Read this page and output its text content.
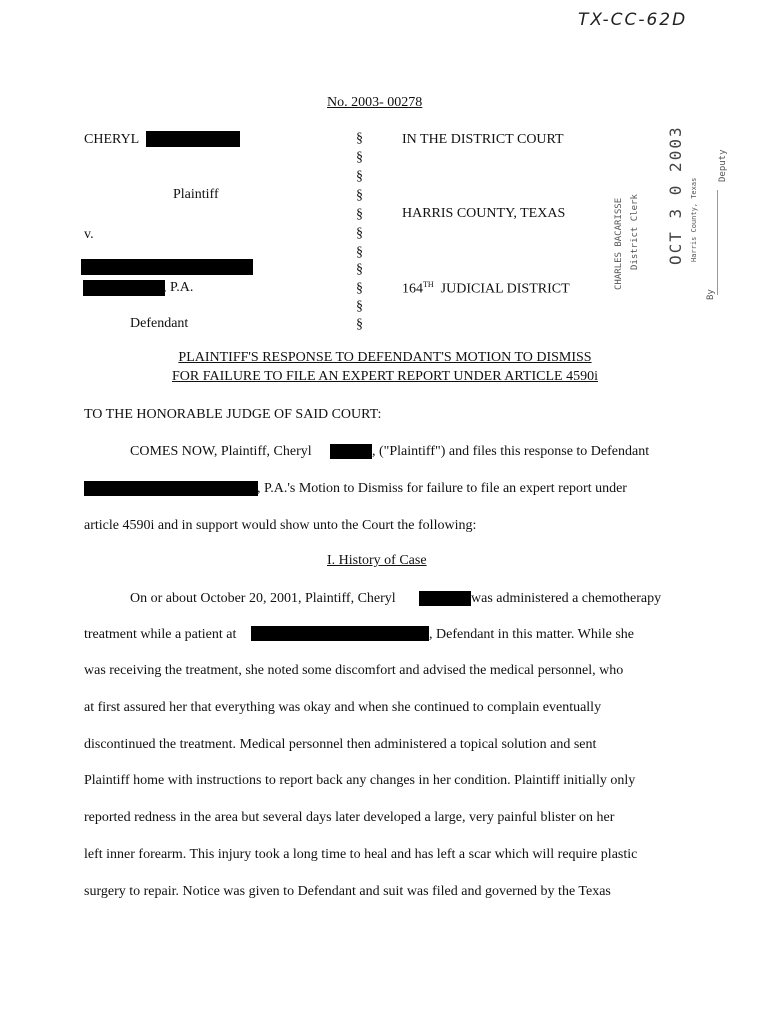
TX-CC-62D
No. 2003- 00278
CHERYL
Plaintiff
v.
, P.A.
Defendant
§
§
§
§
§
§
§
§
§
§
§
IN THE DISTRICT COURT
HARRIS COUNTY, TEXAS
164TH JUDICIAL DISTRICT	CHARLES BACARISSE District Clerk OCT 3 0 2003 Harris County, Texas
By
Deputy
PLAINTIFF'S RESPONSE TO DEFENDANT'S MOTION TO DISMISS
FOR FAILURE TO FILE AN EXPERT REPORT UNDER ARTICLE 4590i
TO THE HONORABLE JUDGE OF SAID COURT:
COMES NOW, Plaintiff, Cheryl	, ("Plaintiff") and files this response to Defendant
, P.A.'s Motion to Dismiss for failure to file an expert report under
article 4590i and in support would show unto the Court the following:
I. History of Case
On or about October 20, 2001, Plaintiff, Cheryl	was administered a chemotherapy
treatment while a patient at	, Defendant in this matter. While she
was receiving the treatment, she noted some discomfort and advised the medical personnel, who
at first assured her that everything was okay and when she continued to complain eventually
discontinued the treatment. Medical personnel then administered a topical solution and sent
Plaintiff home with instructions to report back any changes in her condition. Plaintiff initially only
reported redness in the area but several days later developed a large, very painful blister on her
left inner forearm. This injury took a long time to heal and has left a scar which will require plastic
surgery to repair. Notice was given to Defendant and suit was filed and governed by the Texas
